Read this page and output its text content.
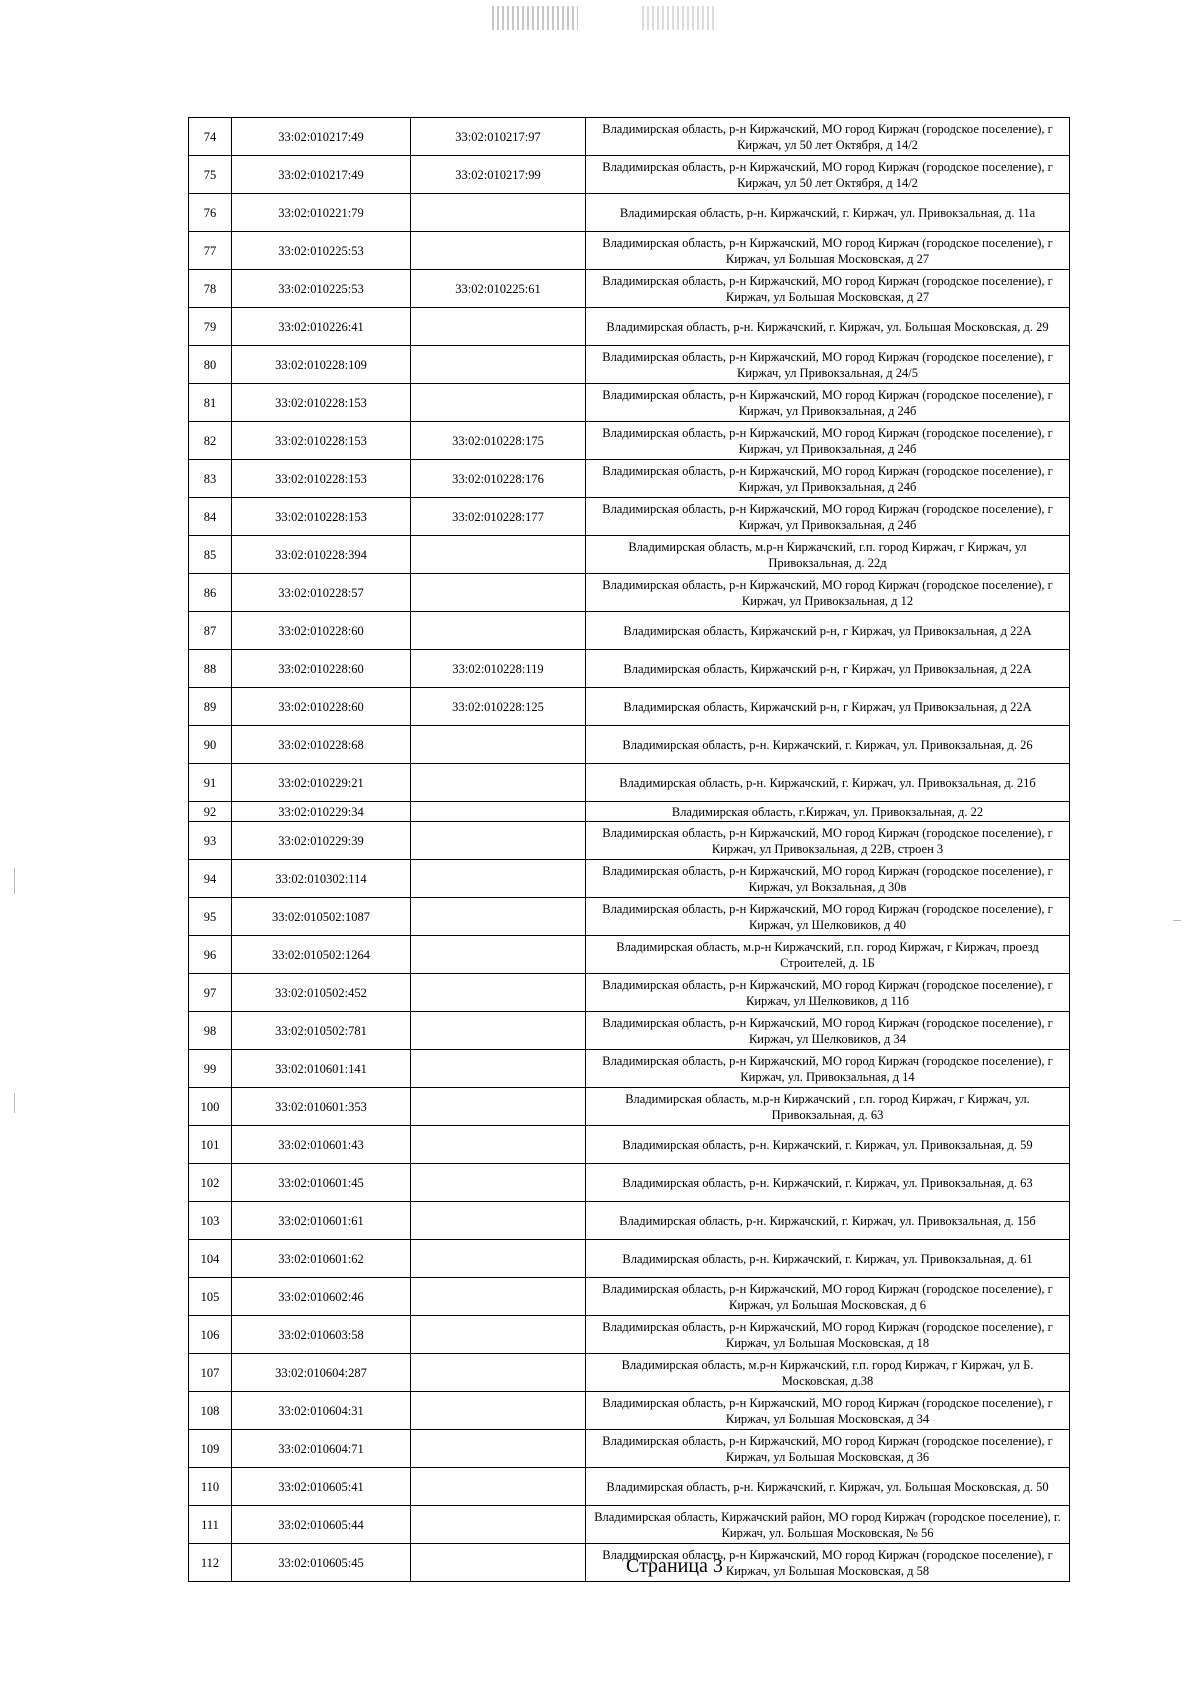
74	33:02:010217:49	33:02:010217:97	Владимирская область, р-н Киржачский, МО город Киржач (городское поселение), г Киржач, ул 50 лет Октября, д 14/2
75	33:02:010217:49	33:02:010217:99	Владимирская область, р-н Киржачский, МО город Киржач (городское поселение), г Киржач, ул 50 лет Октября, д 14/2
76	33:02:010221:79		Владимирская область, р-н. Киржачский, г. Киржач, ул. Привокзальная, д. 11а
77	33:02:010225:53		Владимирская область, р-н Киржачский, МО город Киржач (городское поселение), г Киржач, ул Большая Московская, д 27
78	33:02:010225:53	33:02:010225:61	Владимирская область, р-н Киржачский, МО город Киржач (городское поселение), г Киржач, ул Большая Московская, д 27
79	33:02:010226:41		Владимирская область, р-н. Киржачский, г. Киржач, ул. Большая Московская, д. 29
80	33:02:010228:109		Владимирская область, р-н Киржачский, МО город Киржач (городское поселение), г Киржач, ул Привокзальная, д 24/5
81	33:02:010228:153		Владимирская область, р-н Киржачский, МО город Киржач (городское поселение), г Киржач, ул Привокзальная, д 24б
82	33:02:010228:153	33:02:010228:175	Владимирская область, р-н Киржачский, МО город Киржач (городское поселение), г Киржач, ул Привокзальная, д 24б
83	33:02:010228:153	33:02:010228:176	Владимирская область, р-н Киржачский, МО город Киржач (городское поселение), г Киржач, ул Привокзальная, д 24б
84	33:02:010228:153	33:02:010228:177	Владимирская область, р-н Киржачский, МО город Киржач (городское поселение), г Киржач, ул Привокзальная, д 24б
85	33:02:010228:394		Владимирская область, м.р-н Киржачский, г.п. город Киржач, г Киржач, ул Привокзальная, д. 22д
86	33:02:010228:57		Владимирская область, р-н Киржачский, МО город Киржач (городское поселение), г Киржач, ул Привокзальная, д 12
87	33:02:010228:60		Владимирская область, Киржачский р-н, г Киржач, ул Привокзальная, д 22А
88	33:02:010228:60	33:02:010228:119	Владимирская область, Киржачский р-н, г Киржач, ул Привокзальная, д 22А
89	33:02:010228:60	33:02:010228:125	Владимирская область, Киржачский р-н, г Киржач, ул Привокзальная, д 22А
90	33:02:010228:68		Владимирская область, р-н. Киржачский, г. Киржач, ул. Привокзальная, д. 26
91	33:02:010229:21		Владимирская область, р-н. Киржачский, г. Киржач, ул. Привокзальная, д. 21б
92	33:02:010229:34		Владимирская область, г.Киржач, ул. Привокзальная, д. 22
93	33:02:010229:39		Владимирская область, р-н Киржачский, МО город Киржач (городское поселение), г Киржач, ул Привокзальная, д 22В, строен 3
94	33:02:010302:114		Владимирская область, р-н Киржачский, МО город Киржач (городское поселение), г Киржач, ул Вокзальная, д 30в
95	33:02:010502:1087		Владимирская область, р-н Киржачский, МО город Киржач (городское поселение), г Киржач, ул Шелковиков, д 40
96	33:02:010502:1264		Владимирская область, м.р-н Киржачский, г.п. город Киржач, г Киржач, проезд Строителей, д. 1Б
97	33:02:010502:452		Владимирская область, р-н Киржачский, МО город Киржач (городское поселение), г Киржач, ул Шелковиков, д 11б
98	33:02:010502:781		Владимирская область, р-н Киржачский, МО город Киржач (городское поселение), г Киржач, ул Шелковиков, д 34
99	33:02:010601:141		Владимирская область, р-н Киржачский, МО город Киржач (городское поселение), г Киржач, ул. Привокзальная, д 14
100	33:02:010601:353		Владимирская область, м.р-н Киржачский , г.п. город Киржач, г Киржач, ул. Привокзальная, д. 63
101	33:02:010601:43		Владимирская область, р-н. Киржачский, г. Киржач, ул. Привокзальная, д. 59
102	33:02:010601:45		Владимирская область, р-н. Киржачский, г. Киржач, ул. Привокзальная, д. 63
103	33:02:010601:61		Владимирская область, р-н. Киржачский, г. Киржач, ул. Привокзальная, д. 15б
104	33:02:010601:62		Владимирская область, р-н. Киржачский, г. Киржач, ул. Привокзальная, д. 61
105	33:02:010602:46		Владимирская область, р-н Киржачский, МО город Киржач (городское поселение), г Киржач, ул Большая Московская, д 6
106	33:02:010603:58		Владимирская область, р-н Киржачский, МО город Киржач (городское поселение), г Киржач, ул Большая Московская, д 18
107	33:02:010604:287		Владимирская область, м.р-н Киржачский, г.п. город Киржач, г Киржач, ул Б. Московская, д.38
108	33:02:010604:31		Владимирская область, р-н Киржачский, МО город Киржач (городское поселение), г Киржач, ул Большая Московская, д 34
109	33:02:010604:71		Владимирская область, р-н Киржачский, МО город Киржач (городское поселение), г Киржач, ул Большая Московская, д 36
110	33:02:010605:41		Владимирская область, р-н. Киржачский, г. Киржач, ул. Большая Московская, д. 50
111	33:02:010605:44		Владимирская область, Киржачский район, МО город Киржач (городское поселение), г. Киржач, ул. Большая Московская, № 56
112	33:02:010605:45		Владимирская область, р-н Киржачский, МО город Киржач (городское поселение), г Киржач, ул Большая Московская, д 58
Страница 3
